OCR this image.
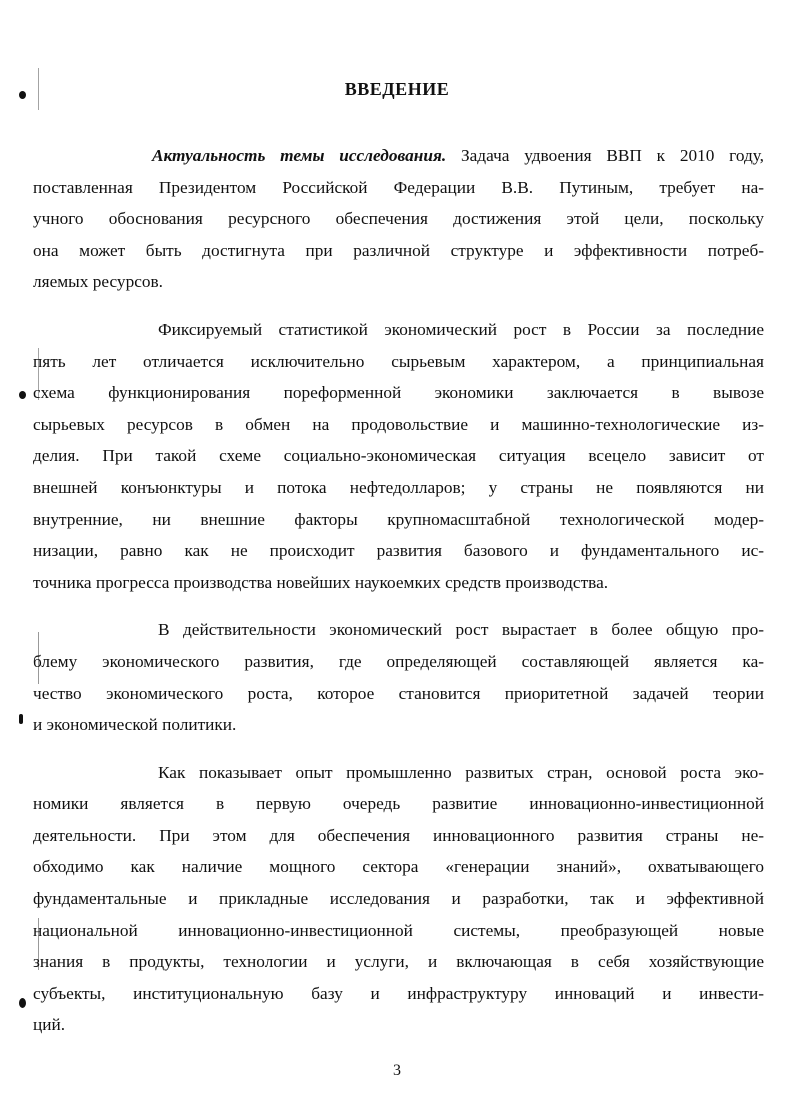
ВВЕДЕНИЕ

Актуальность темы исследования. Задача удвоения ВВП к 2010 году,
поставленная Президентом Российской Федерации В.В. Путиным, требует на-
учного обоснования ресурсного обеспечения достижения этой цели, поскольку
она может быть достигнута при различной структуре и эффективности потреб-
ляемых ресурсов.

Фиксируемый статистикой экономический рост в России за последние
пять лет отличается исключительно сырьевым характером, а принципиальная
схема функционирования пореформенной экономики заключается в вывозе
сырьевых ресурсов в обмен на продовольствие и машинно-технологические из-
делия. При такой схеме социально-экономическая ситуация всецело зависит от
внешней конъюнктуры и потока нефтедолларов; у страны не появляются ни
внутренние, ни внешние факторы крупномасштабной технологической модер-
низации, равно как не происходит развития базового и фундаментального ис-
точника прогресса производства новейших наукоемких средств производства.

В действительности экономический рост вырастает в более общую про-
блему экономического развития, где определяющей составляющей является ка-
чество экономического роста, которое становится приоритетной задачей теории
и экономической политики.

Как показывает опыт промышленно развитых стран, основой роста эко-
номики является в первую очередь развитие инновационно-инвестиционной
деятельности. При этом для обеспечения инновационного развития страны не-
обходимо как наличие мощного сектора «генерации знаний», охватывающего
фундаментальные и прикладные исследования и разработки, так и эффективной
национальной инновационно-инвестиционной системы, преобразующей новые
знания в продукты, технологии и услуги, и включающая в себя хозяйствующие
субъекты, институциональную базу и инфраструктуру инноваций и инвести-
ций.

3
